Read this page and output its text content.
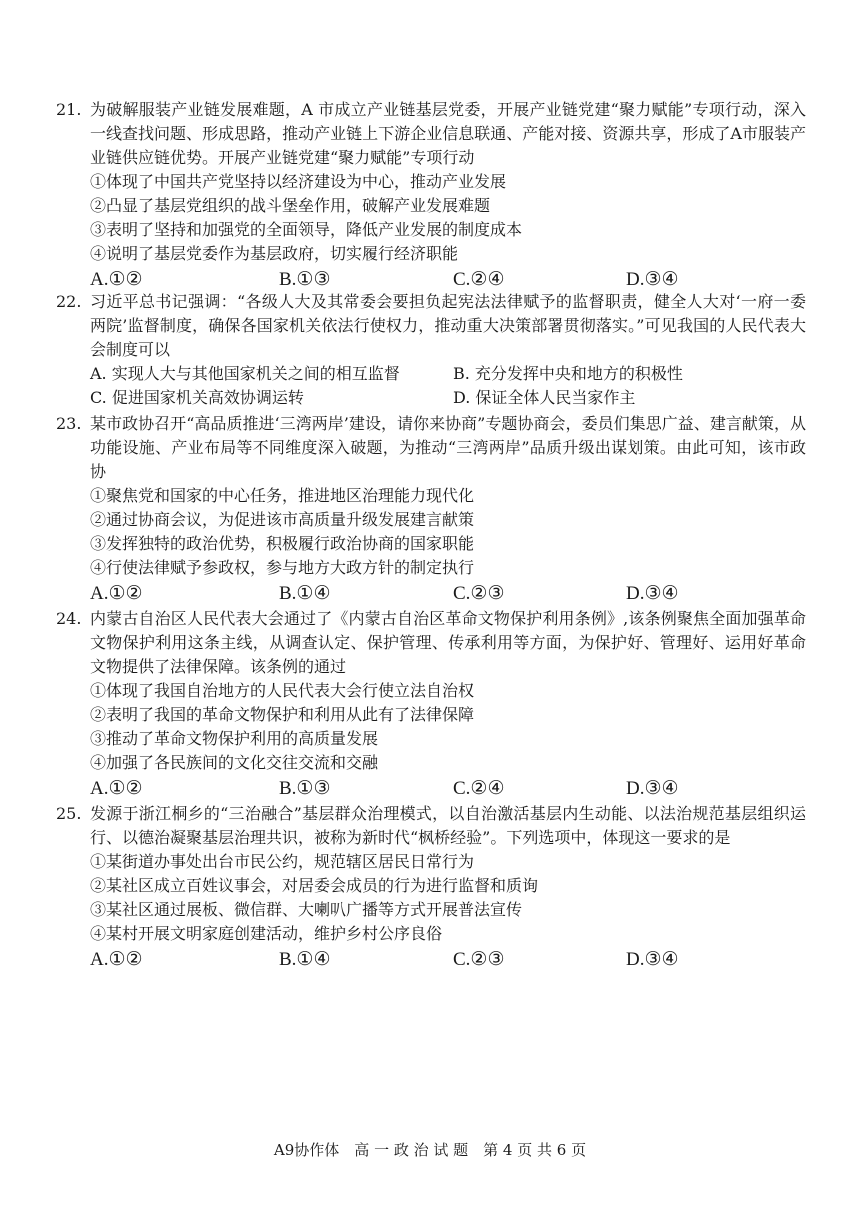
21. 为破解服装产业链发展难题，A 市成立产业链基层党委，开展产业链党建“聚力赋能”专项行动，深入一线查找问题、形成思路，推动产业链上下游企业信息联通、产能对接、资源共享，形成了A市服装产业链供应链优势。开展产业链党建“聚力赋能”专项行动

①体现了中国共产党坚持以经济建设为中心，推动产业发展

②凸显了基层党组织的战斗堡垒作用，破解产业发展难题

③表明了坚持和加强党的全面领导，降低产业发展的制度成本

④说明了基层党委作为基层政府，切实履行经济职能

A.①②	B.①③	C.②④	D.③④
22. 习近平总书记强调：“各级人大及其常委会要担负起宪法法律赋予的监督职责，健全人大对‘一府一委两院’监督制度，确保各国家机关依法行使权力，推动重大决策部署贯彻落实。”可见我国的人民代表大会制度可以

A. 实现人大与其他国家机关之间的相互监督	B. 充分发挥中央和地方的积极性
C. 促进国家机关高效协调运转	D. 保证全体人民当家作主
23. 某市政协召开“高品质推进‘三湾两岸’建设，请你来协商”专题协商会，委员们集思广益、建言献策，从功能设施、产业布局等不同维度深入破题，为推动“三湾两岸”品质升级出谋划策。由此可知，该市政协

①聚焦党和国家的中心任务，推进地区治理能力现代化

②通过协商会议，为促进该市高质量升级发展建言献策

③发挥独特的政治优势，积极履行政治协商的国家职能

④行使法律赋予参政权，参与地方大政方针的制定执行

A.①②	B.①④	C.②③	D.③④
24. 内蒙古自治区人民代表大会通过了《内蒙古自治区革命文物保护利用条例》,该条例聚焦全面加强革命文物保护利用这条主线，从调查认定、保护管理、传承利用等方面，为保护好、管理好、运用好革命文物提供了法律保障。该条例的通过

①体现了我国自治地方的人民代表大会行使立法自治权

②表明了我国的革命文物保护和利用从此有了法律保障

③推动了革命文物保护利用的高质量发展

④加强了各民族间的文化交往交流和交融

A.①②	B.①③	C.②④	D.③④
25. 发源于浙江桐乡的“三治融合”基层群众治理模式，以自治激活基层内生动能、以法治规范基层组织运行、以德治凝聚基层治理共识，被称为新时代“枫桥经验”。下列选项中，体现这一要求的是

①某街道办事处出台市民公约，规范辖区居民日常行为

②某社区成立百姓议事会，对居委会成员的行为进行监督和质询

③某社区通过展板、微信群、大喇叭广播等方式开展普法宣传

④某村开展文明家庭创建活动，维护乡村公序良俗

A.①②	B.①④	C.②③	D.③④
A9协作体　高 一 政 治 试 题　第 4 页 共 6 页
